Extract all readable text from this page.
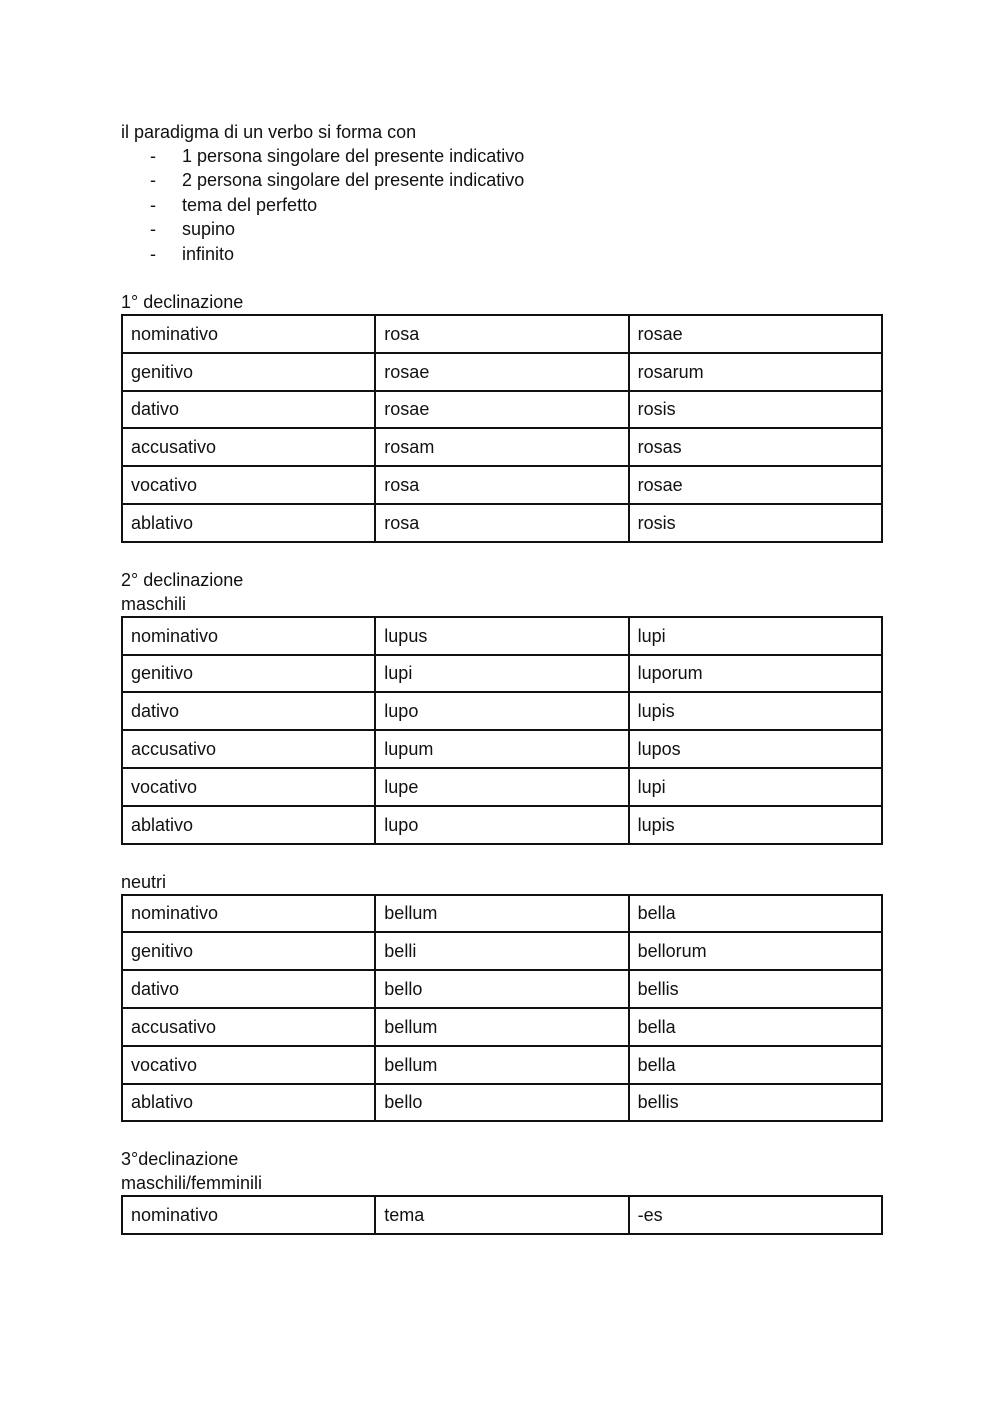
il paradigma di un verbo si forma con
- 1 persona singolare del presente indicativo
- 2 persona singolare del presente indicativo
- tema del perfetto
- supino
- infinito
1° declinazione
nominativo	rosa	rosae
genitivo	rosae	rosarum
dativo	rosae	rosis
accusativo	rosam	rosas
vocativo	rosa	rosae
ablativo	rosa	rosis
2° declinazione
maschili
nominativo	lupus	lupi
genitivo	lupi	luporum
dativo	lupo	lupis
accusativo	lupum	lupos
vocativo	lupe	lupi
ablativo	lupo	lupis
neutri
nominativo	bellum	bella
genitivo	belli	bellorum
dativo	bello	bellis
accusativo	bellum	bella
vocativo	bellum	bella
ablativo	bello	bellis
3°declinazione
maschili/femminili
nominativo	tema	-es
